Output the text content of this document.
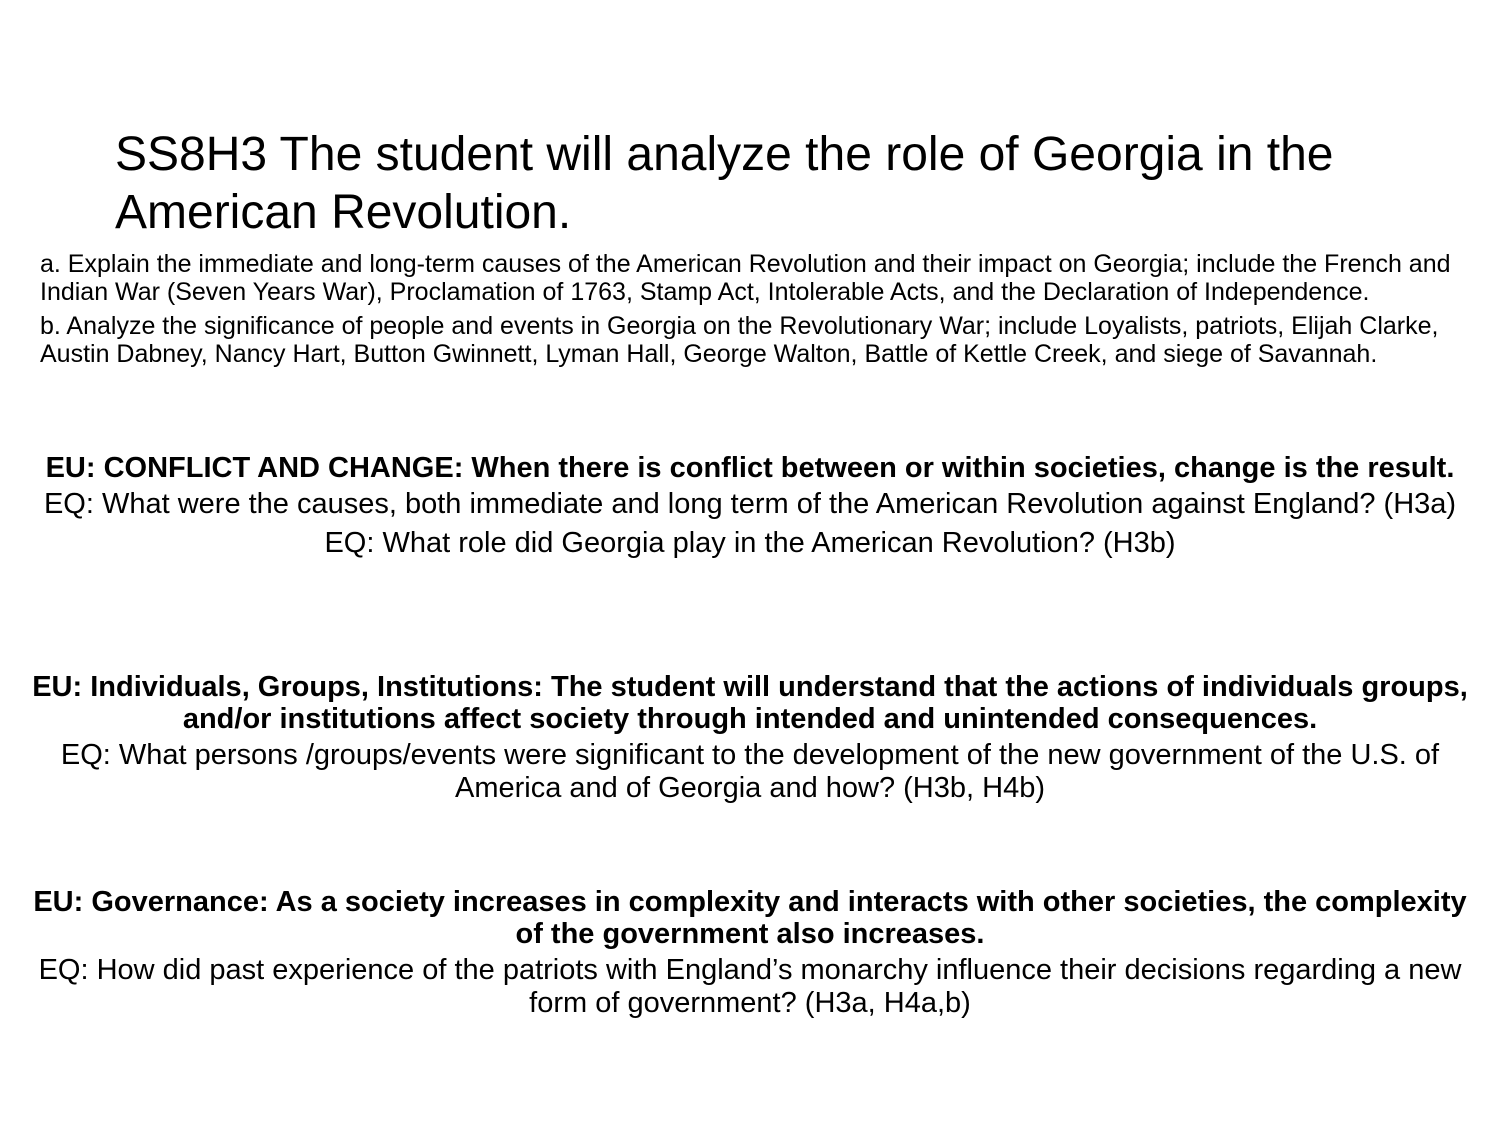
SS8H3 The student will analyze the role of Georgia in the American Revolution.

a. Explain the immediate and long-term causes of the American Revolution and their impact on Georgia; include the French and Indian War (Seven Years War), Proclamation of 1763, Stamp Act, Intolerable Acts, and the Declaration of Independence.

b. Analyze the significance of people and events in Georgia on the Revolutionary War; include Loyalists, patriots, Elijah Clarke, Austin Dabney, Nancy Hart, Button Gwinnett, Lyman Hall, George Walton, Battle of Kettle Creek, and siege of Savannah.

EU: CONFLICT AND CHANGE: When there is conflict between or within societies, change is the result.

EQ: What were the causes, both immediate and long term of the American Revolution against England? (H3a)

EQ: What role did Georgia play in the American Revolution? (H3b)

EU: Individuals, Groups, Institutions: The student will understand that the actions of individuals groups, and/or institutions affect society through intended and unintended consequences.

EQ: What persons /groups/events were significant to the development of the new government of the U.S. of America and of Georgia and how? (H3b, H4b)

EU: Governance: As a society increases in complexity and interacts with other societies, the complexity of the government also increases.

EQ: How did past experience of the patriots with England’s monarchy influence their decisions regarding a new form of government? (H3a, H4a,b)
